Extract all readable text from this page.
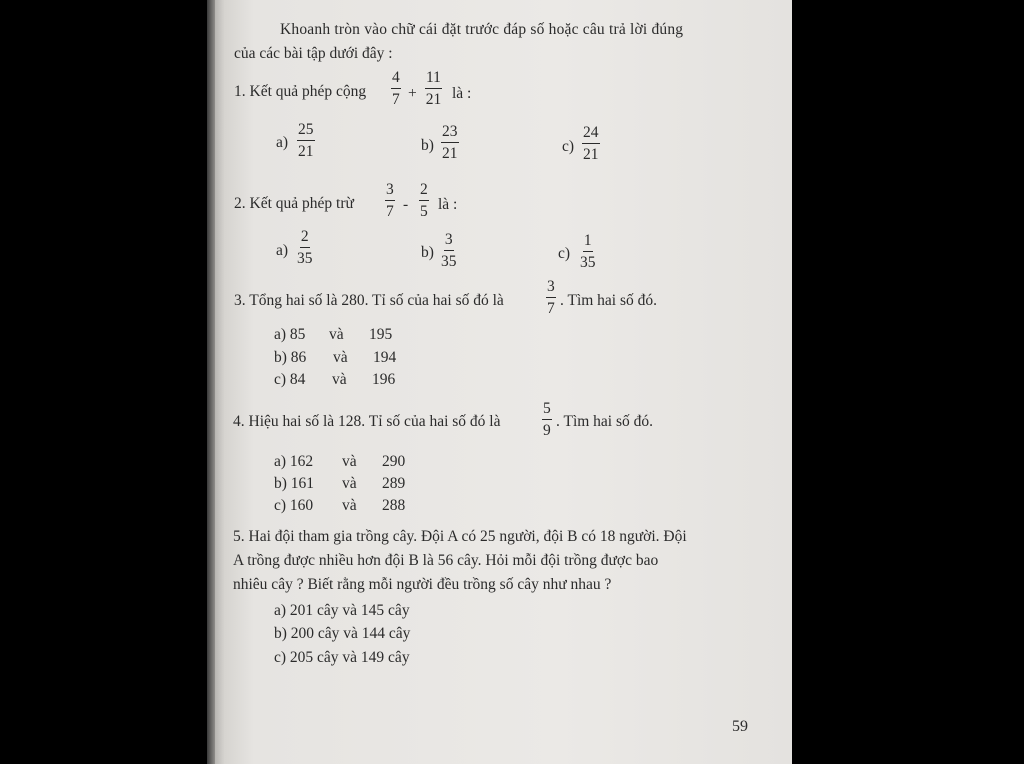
Khoanh tròn vào chữ cái đặt trước đáp số hoặc câu trả lời đúng
của các bài tập dưới đây :
1. Kết quả phép cộng $\frac{4}{7} + \frac{11}{21}$ là :
$a) \frac{25}{21}$	$b) \frac{23}{21}$	$c) \frac{24}{21}$
2. Kết quả phép trừ $\frac{3}{7} - \frac{2}{5}$ là :
$a) \frac{2}{35}$	$b) \frac{3}{35}$	$c) \frac{1}{35}$
3. Tổng hai số là 280. Tỉ số của hai số đó là	$\frac{3}{7}$ . Tìm hai số đó.
a) 85 và 195
b) 86 và 194
c) 84 và 196
4. Hiệu hai số là 128. Tỉ số của hai số đó là	$\frac{5}{9}$ . Tìm hai số đó.
a) 162 và 290
b) 161 và 289
c) 160 và 288
5. Hai đội tham gia trồng cây. Đội A có 25 người, đội B có 18 người. Đội
A trồng được nhiều hơn đội B là 56 cây. Hỏi mỗi đội trồng được bao
nhiêu cây ? Biết rằng mỗi người đều trồng số cây như nhau ?
a) 201 cây và 145 cây
b) 200 cây và 144 cây
c) 205 cây và 149 cây
59
